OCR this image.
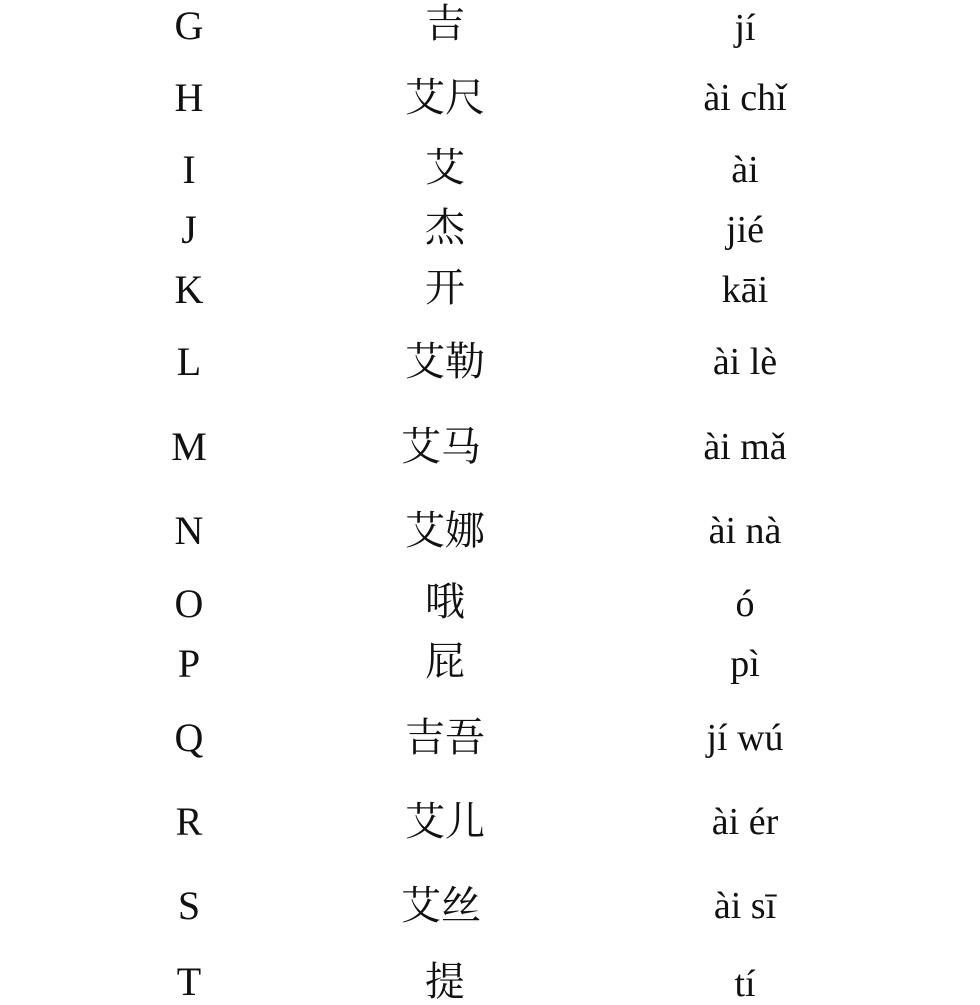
G	吉	jí
H	艾尺	ài chǐ
I	艾	ài
J	杰	jié
K	开	kāi
L	艾勒	ài lè
M	艾马	ài mǎ
N	艾娜	ài nà
O	哦	ó
P	屁	pì
Q	吉吾	jí wú
R	艾儿	ài ér
S	艾丝	ài sī
T	提	tí
